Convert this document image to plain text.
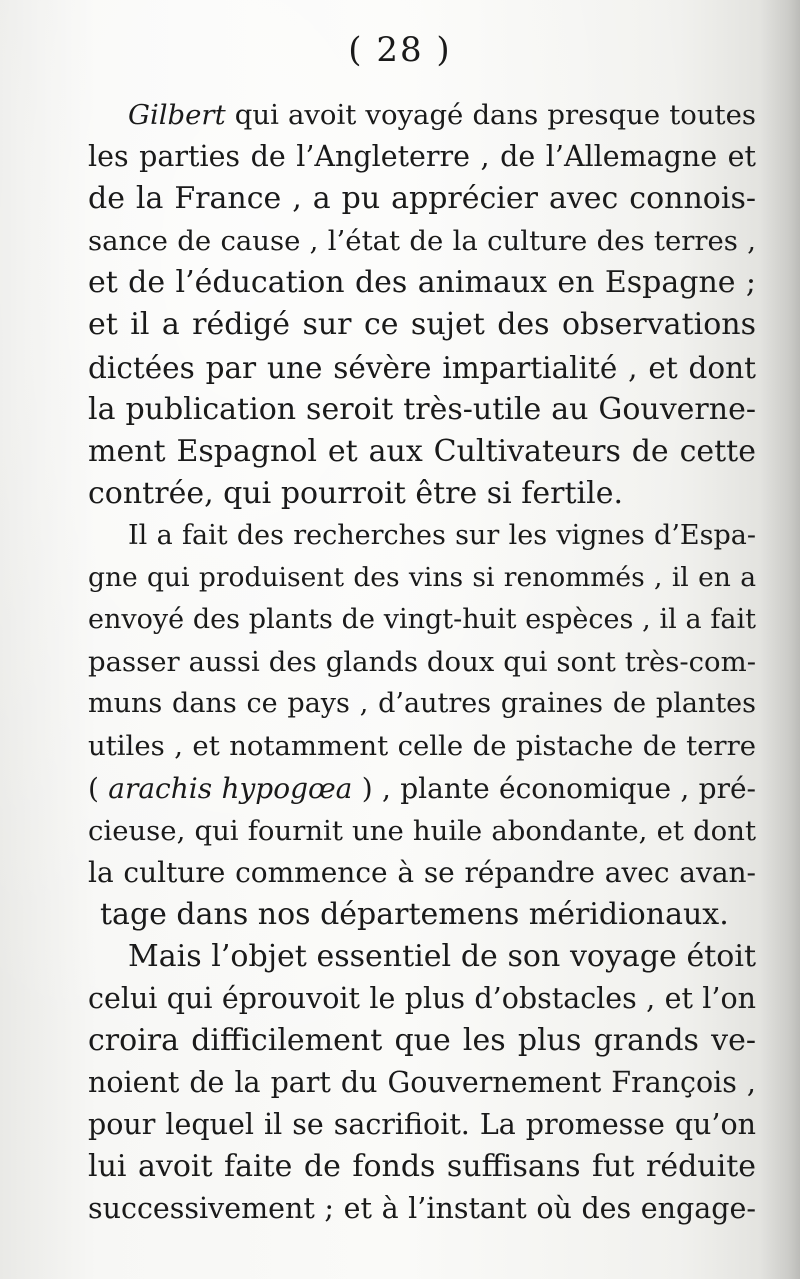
( 28 )
Gilbert qui avoit voyagé dans presque toutes
les parties de l’Angleterre , de l’Allemagne et
de la France , a pu apprécier avec connois-
sance de cause , l’état de la culture des terres ,
et de l’éducation des animaux en Espagne ;
et il a rédigé sur ce sujet des observations
dictées par une sévère impartialité , et dont
la publication seroit très-utile au Gouverne-
ment Espagnol et aux Cultivateurs de cette
contrée, qui pourroit être si fertile.
Il a fait des recherches sur les vignes d’Espa-
gne qui produisent des vins si renommés , il en a
envoyé des plants de vingt-huit espèces , il a fait
passer aussi des glands doux qui sont très-com-
muns dans ce pays , d’autres graines de plantes
utiles , et notamment celle de pistache de terre
( arachis hypogœa ) , plante économique , pré-
cieuse, qui fournit une huile abondante, et dont
la culture commence à se répandre avec avan-
tage dans nos départemens méridionaux.
Mais l’objet essentiel de son voyage étoit
celui qui éprouvoit le plus d’obstacles , et l’on
croira difficilement que les plus grands ve-
noient de la part du Gouvernement François ,
pour lequel il se sacrifioit. La promesse qu’on
lui avoit faite de fonds suffisans fut réduite
successivement ; et à l’instant où des engage-
